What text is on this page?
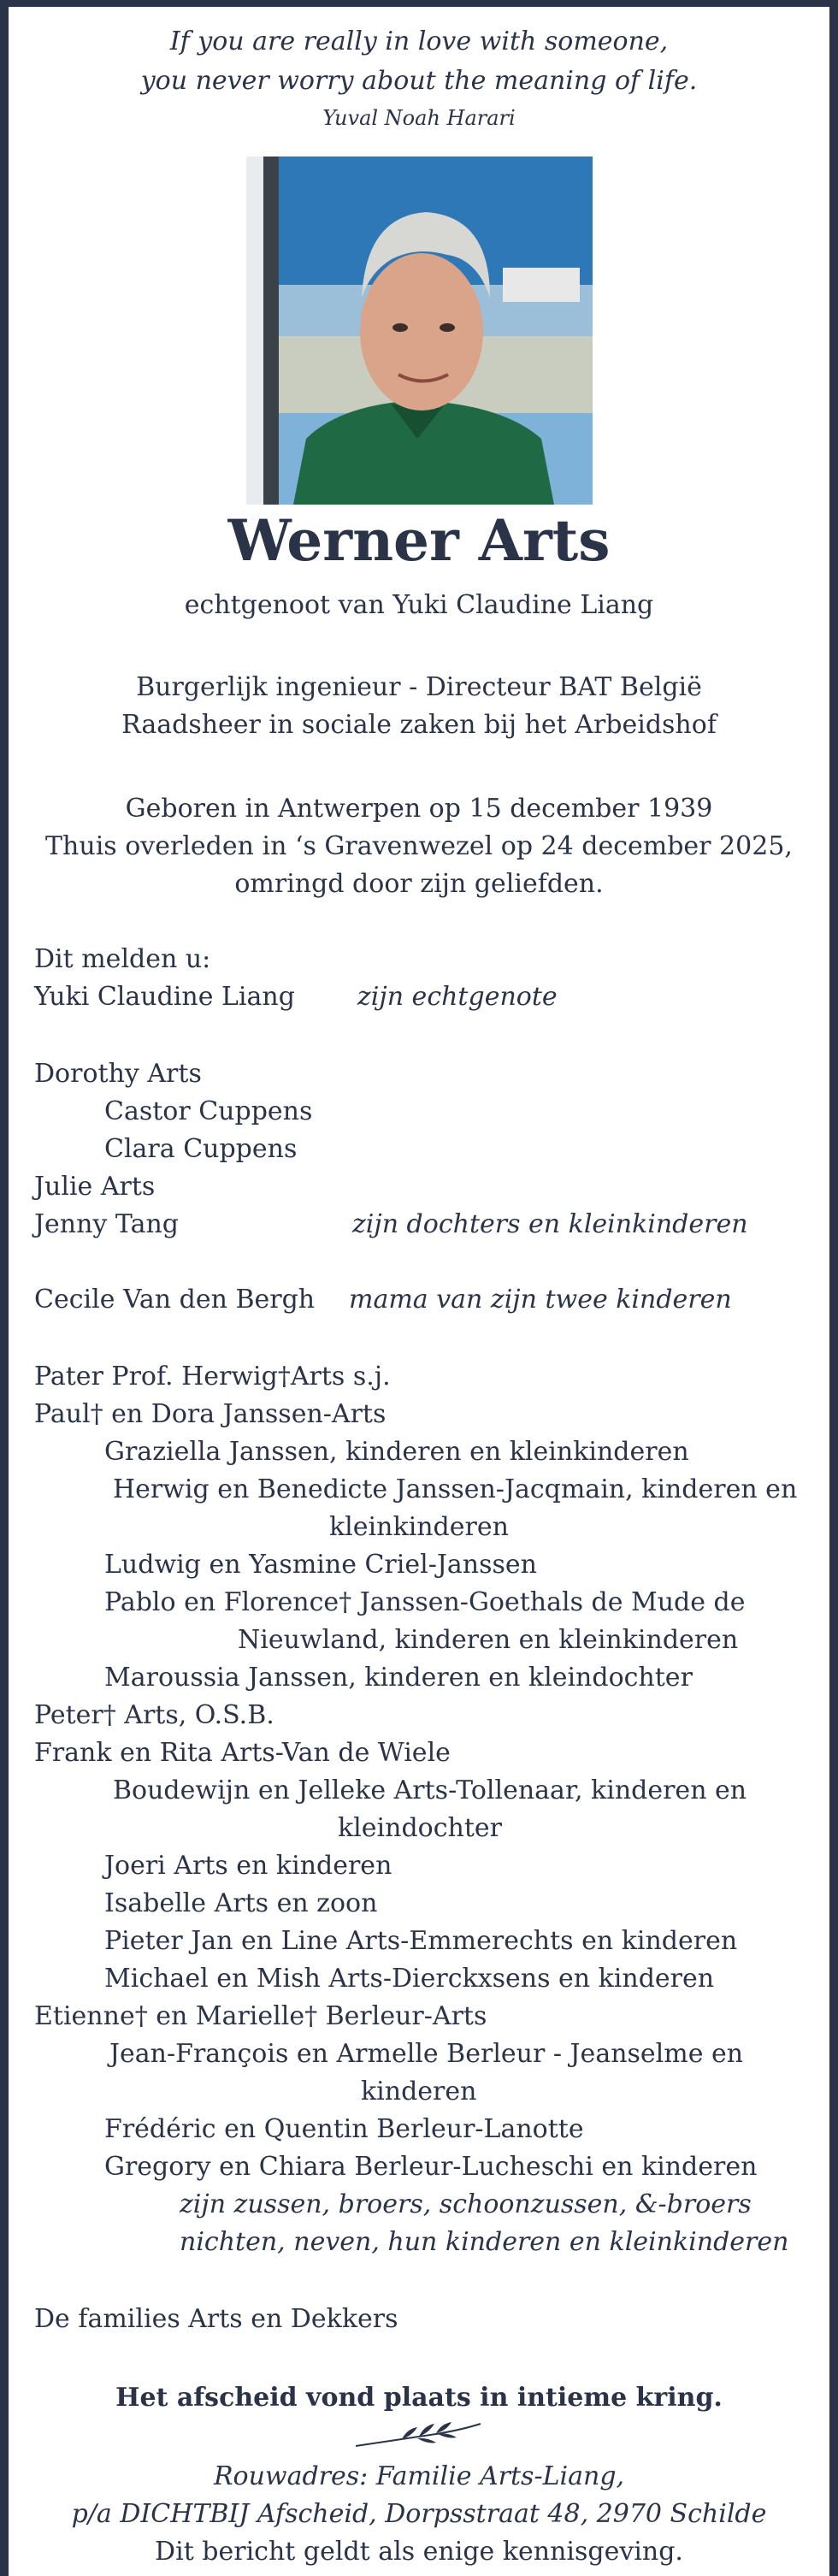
If you are really in love with someone,
you never worry about the meaning of life.
Yuval Noah Harari
Werner Arts
echtgenoot van Yuki Claudine Liang
Burgerlijk ingenieur - Directeur BAT België
Raadsheer in sociale zaken bij het Arbeidshof
Geboren in Antwerpen op 15 december 1939
Thuis overleden in ‘s Gravenwezel op 24 december 2025,
omringd door zijn geliefden.
Dit melden u:
Yuki Claudine Liang zijn echtgenote
Dorothy Arts
Castor Cuppens
Clara Cuppens
Julie Arts
Jenny Tang	zijn dochters en kleinkinderen
Cecile Van den Bergh mama van zijn twee kinderen
Pater Prof. Herwig†Arts s.j.
Paul† en Dora Janssen-Arts
Graziella Janssen, kinderen en kleinkinderen
Herwig en Benedicte Janssen-Jacqmain, kinderen en
kleinkinderen
Ludwig en Yasmine Criel-Janssen
Pablo en Florence† Janssen-Goethals de Mude de
Nieuwland, kinderen en kleinkinderen
Maroussia Janssen, kinderen en kleindochter
Peter† Arts, O.S.B.
Frank en Rita Arts-Van de Wiele
Boudewijn en Jelleke Arts-Tollenaar, kinderen en
kleindochter
Joeri Arts en kinderen
Isabelle Arts en zoon
Pieter Jan en Line Arts-Emmerechts en kinderen
Michael en Mish Arts-Dierckxsens en kinderen
Etienne† en Marielle† Berleur-Arts
Jean-François en Armelle Berleur - Jeanselme en
kinderen
Frédéric en Quentin Berleur-Lanotte
Gregory en Chiara Berleur-Lucheschi en kinderen
zijn zussen, broers, schoonzussen, &-broers
nichten, neven, hun kinderen en kleinkinderen
De families Arts en Dekkers
Het afscheid vond plaats in intieme kring.
Rouwadres: Familie Arts-Liang,
p/a DICHTBIJ Afscheid, Dorpsstraat 48, 2970 Schilde
Dit bericht geldt als enige kennisgeving.
